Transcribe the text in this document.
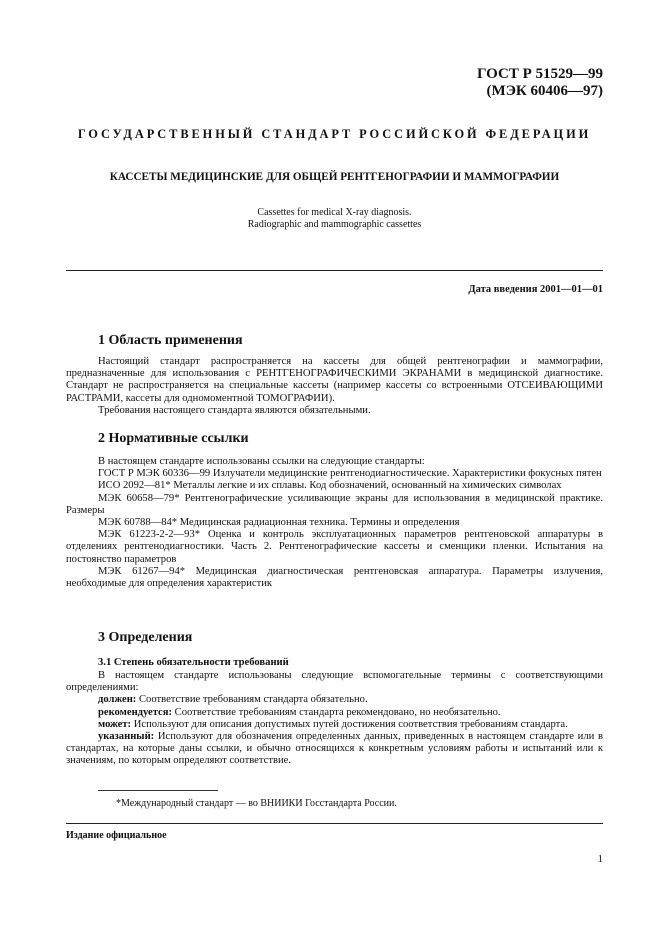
ГОСТ Р 51529—99
(МЭК 60406—97)
ГОСУДАРСТВЕННЫЙ СТАНДАРТ РОССИЙСКОЙ ФЕДЕРАЦИИ
КАССЕТЫ МЕДИЦИНСКИЕ ДЛЯ ОБЩЕЙ РЕНТГЕНОГРАФИИ И МАММОГРАФИИ
Cassettes for medical X-ray diagnosis.
Radiographic and mammographic cassettes
Дата введения 2001—01—01
1 Область применения

Настоящий стандарт распространяется на кассеты для общей рентгенографии и маммографии, предназначенные для использования с РЕНТГЕНОГРАФИЧЕСКИМИ ЭКРАНАМИ в медицинской диагностике. Стандарт не распространяется на специальные кассеты (например кассеты со встроенными ОТСЕИВАЮЩИМИ РАСТРАМИ, кассеты для одномоментной ТОМОГРАФИИ).

Требования настоящего стандарта являются обязательными.

2 Нормативные ссылки

В настоящем стандарте использованы ссылки на следующие стандарты:

ГОСТ Р МЭК 60336—99 Излучатели медицинские рентгенодиагностические. Характеристики фокусных пятен

ИСО 2092—81* Металлы легкие и их сплавы. Код обозначений, основанный на химических символах

МЭК 60658—79* Рентгенографические усиливающие экраны для использования в медицинской практике. Размеры

МЭК 60788—84* Медицинская радиационная техника. Термины и определения

МЭК 61223-2-2—93* Оценка и контроль эксплуатационных параметров рентгеновской аппаратуры в отделениях рентгенодиагностики. Часть 2. Рентгенографические кассеты и сменщики пленки. Испытания на постоянство параметров

МЭК 61267—94* Медицинская диагностическая рентгеновская аппаратура. Параметры излучения, необходимые для определения характеристик

3 Определения
3.1 Степень обязательности требований

В настоящем стандарте использованы следующие вспомогательные термины с соответствующими определениями:

должен: Соответствие требованиям стандарта обязательно.

рекомендуется: Соответствие требованиям стандарта рекомендовано, но необязательно.

может: Используют для описания допустимых путей достижения соответствия требованиям стандарта.

указанный: Используют для обозначения определенных данных, приведенных в настоящем стандарте или в стандартах, на которые даны ссылки, и обычно относящихся к конкретным условиям работы и испытаний или к значениям, по которым определяют соответствие.

*Международный стандарт — во ВНИИКИ Госстандарта России.
Издание официальное
1
